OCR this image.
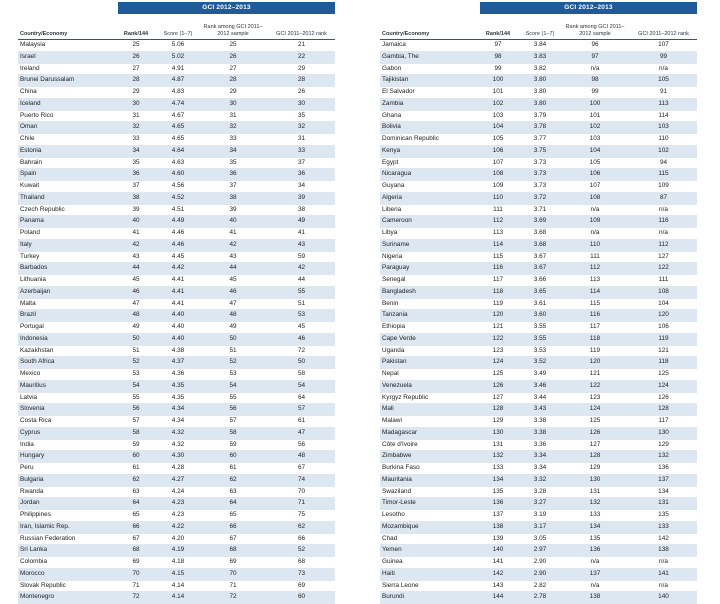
GCI 2012–2013
Country/Economy	Rank/144	Score (1–7)	Rank among GCI 2011–2012 sample	GCI 2011–2012 rank
Malaysia	25	5.06	25	21
Israel	26	5.02	26	22
Ireland	27	4.91	27	29
Brunei Darussalam	28	4.87	28	28
China	29	4.83	29	26
Iceland	30	4.74	30	30
Puerto Rico	31	4.67	31	35
Oman	32	4.65	32	32
Chile	33	4.65	33	31
Estonia	34	4.64	34	33
Bahrain	35	4.63	35	37
Spain	36	4.60	36	36
Kuwait	37	4.56	37	34
Thailand	38	4.52	38	39
Czech Republic	39	4.51	39	38
Panama	40	4.49	40	49
Poland	41	4.46	41	41
Italy	42	4.46	42	43
Turkey	43	4.45	43	59
Barbados	44	4.42	44	42
Lithuania	45	4.41	45	44
Azerbaijan	46	4.41	46	55
Malta	47	4.41	47	51
Brazil	48	4.40	48	53
Portugal	49	4.40	49	45
Indonesia	50	4.40	50	46
Kazakhstan	51	4.38	51	72
South Africa	52	4.37	52	50
Mexico	53	4.36	53	58
Mauritius	54	4.35	54	54
Latvia	55	4.35	55	64
Slovenia	56	4.34	56	57
Costa Rica	57	4.34	57	61
Cyprus	58	4.32	58	47
India	59	4.32	59	56
Hungary	60	4.30	60	48
Peru	61	4.28	61	67
Bulgaria	62	4.27	62	74
Rwanda	63	4.24	63	70
Jordan	64	4.23	64	71
Philippines	65	4.23	65	75
Iran, Islamic Rep.	66	4.22	66	62
Russian Federation	67	4.20	67	66
Sri Lanka	68	4.19	68	52
Colombia	69	4.18	69	68
Morocco	70	4.15	70	73
Slovak Republic	71	4.14	71	69
Montenegro	72	4.14	72	60
GCI 2012–2013
Country/Economy	Rank/144	Score (1–7)	Rank among GCI 2011–2012 sample	GCI 2011–2012 rank
Jamaica	97	3.84	96	107
Gambia, The	98	3.83	97	99
Gabon	99	3.82	n/a	n/a
Tajikistan	100	3.80	98	105
El Salvador	101	3.80	99	91
Zambia	102	3.80	100	113
Ghana	103	3.79	101	114
Bolivia	104	3.78	102	103
Dominican Republic	105	3.77	103	110
Kenya	106	3.75	104	102
Egypt	107	3.73	105	94
Nicaragua	108	3.73	106	115
Guyana	109	3.73	107	109
Algeria	110	3.72	108	87
Liberia	111	3.71	n/a	n/a
Cameroon	112	3.69	109	116
Libya	113	3.68	n/a	n/a
Suriname	114	3.68	110	112
Nigeria	115	3.67	111	127
Paraguay	116	3.67	112	122
Senegal	117	3.66	113	111
Bangladesh	118	3.65	114	108
Benin	119	3.61	115	104
Tanzania	120	3.60	116	120
Ethiopia	121	3.55	117	106
Cape Verde	122	3.55	118	119
Uganda	123	3.53	119	121
Pakistan	124	3.52	120	118
Nepal	125	3.49	121	125
Venezuela	126	3.46	122	124
Kyrgyz Republic	127	3.44	123	126
Mali	128	3.43	124	128
Malawi	129	3.38	125	117
Madagascar	130	3.38	126	130
Côte d'Ivoire	131	3.36	127	129
Zimbabwe	132	3.34	128	132
Burkina Faso	133	3.34	129	136
Mauritania	134	3.32	130	137
Swaziland	135	3.28	131	134
Timor-Leste	136	3.27	132	131
Lesotho	137	3.19	133	135
Mozambique	138	3.17	134	133
Chad	139	3.05	135	142
Yemen	140	2.97	136	138
Guinea	141	2.90	n/a	n/a
Haiti	142	2.90	137	141
Sierra Leone	143	2.82	n/a	n/a
Burundi	144	2.78	138	140
